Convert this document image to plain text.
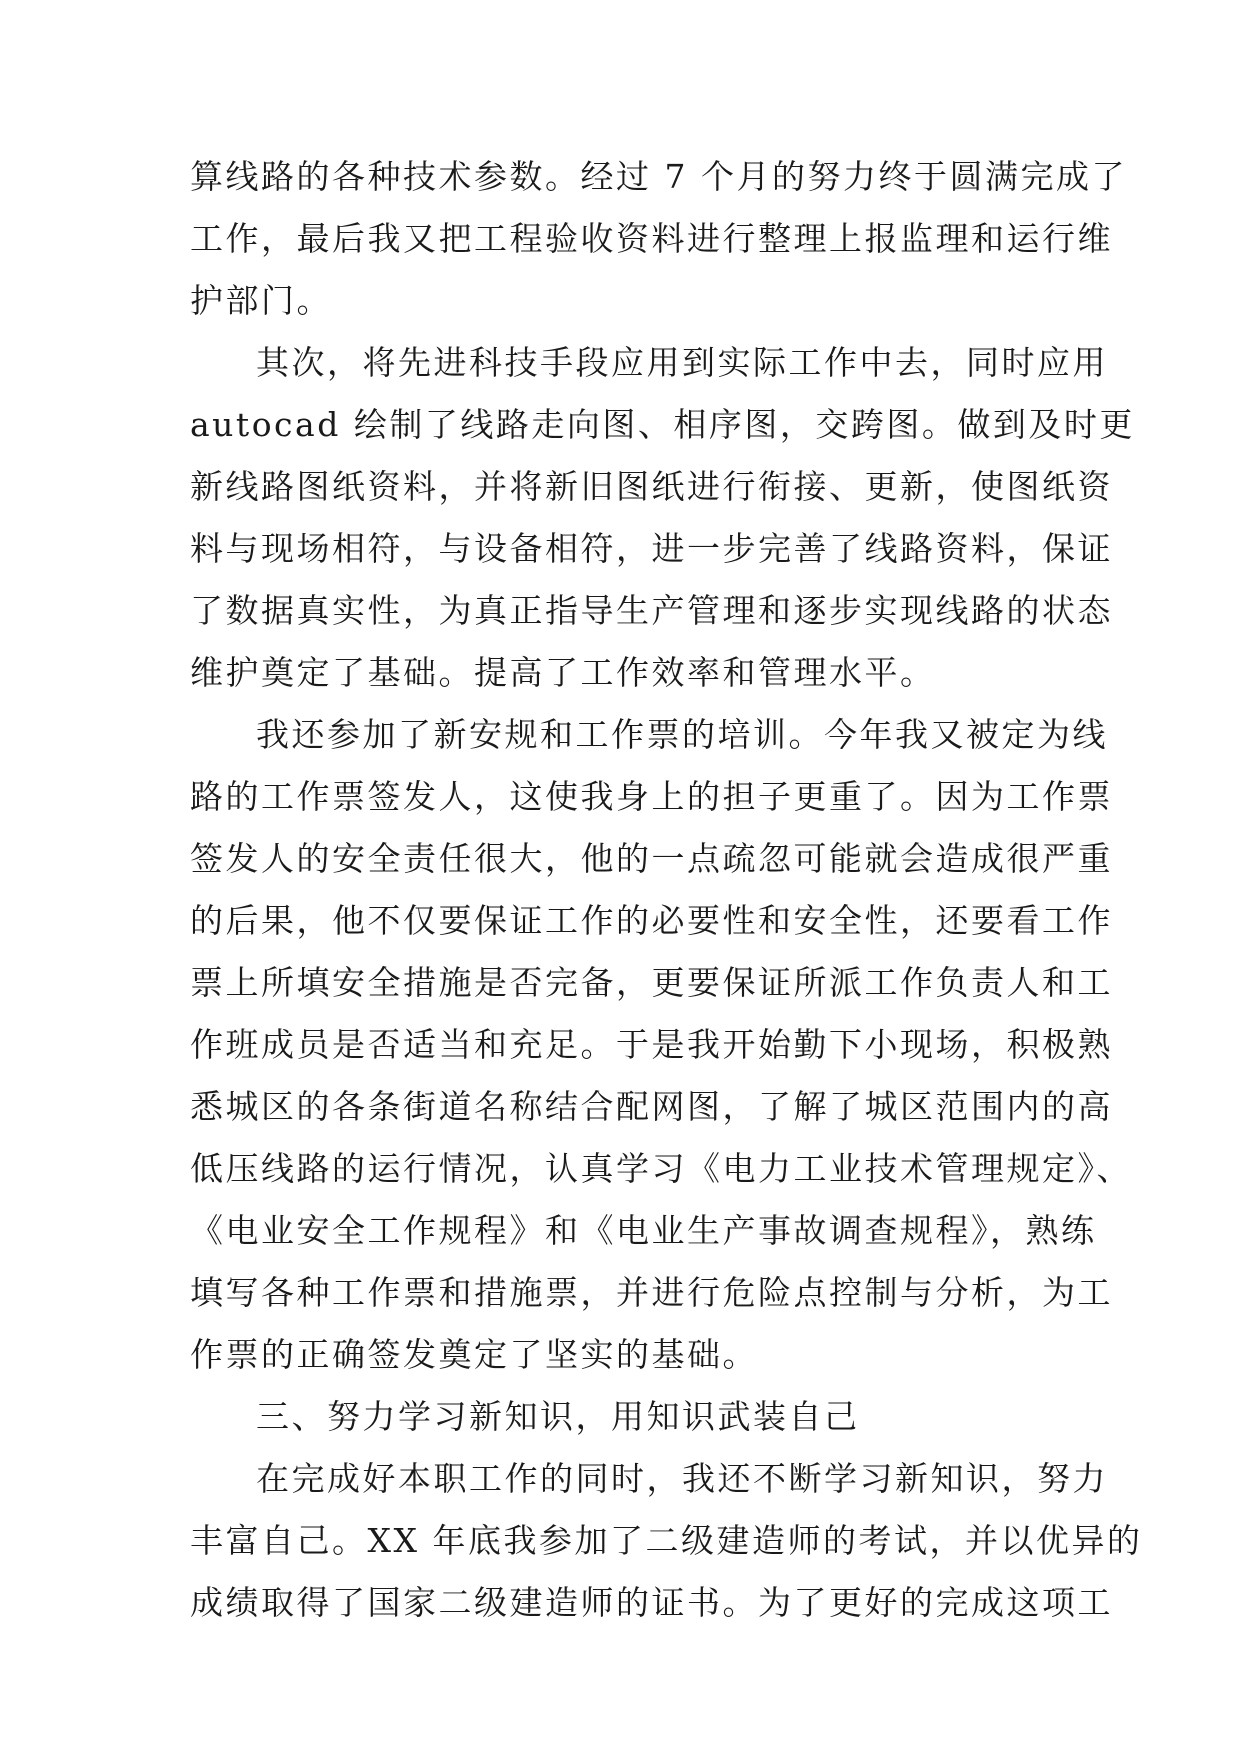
算线路的各种技术参数。经过 7 个月的努力终于圆满完成了
工作，最后我又把工程验收资料进行整理上报监理和运行维
护部门。
其次，将先进科技手段应用到实际工作中去，同时应用
autocad 绘制了线路走向图、相序图，交跨图。做到及时更
新线路图纸资料，并将新旧图纸进行衔接、更新，使图纸资
料与现场相符，与设备相符，进一步完善了线路资料，保证
了数据真实性，为真正指导生产管理和逐步实现线路的状态
维护奠定了基础。提高了工作效率和管理水平。
我还参加了新安规和工作票的培训。今年我又被定为线
路的工作票签发人，这使我身上的担子更重了。因为工作票
签发人的安全责任很大，他的一点疏忽可能就会造成很严重
的后果，他不仅要保证工作的必要性和安全性，还要看工作
票上所填安全措施是否完备，更要保证所派工作负责人和工
作班成员是否适当和充足。于是我开始勤下小现场，积极熟
悉城区的各条街道名称结合配网图，了解了城区范围内的高
低压线路的运行情况，认真学习《电力工业技术管理规定》、
《电业安全工作规程》和《电业生产事故调查规程》，熟练
填写各种工作票和措施票，并进行危险点控制与分析，为工
作票的正确签发奠定了坚实的基础。
三、努力学习新知识，用知识武装自己
在完成好本职工作的同时，我还不断学习新知识，努力
丰富自己。XX 年底我参加了二级建造师的考试，并以优异的
成绩取得了国家二级建造师的证书。为了更好的完成这项工
